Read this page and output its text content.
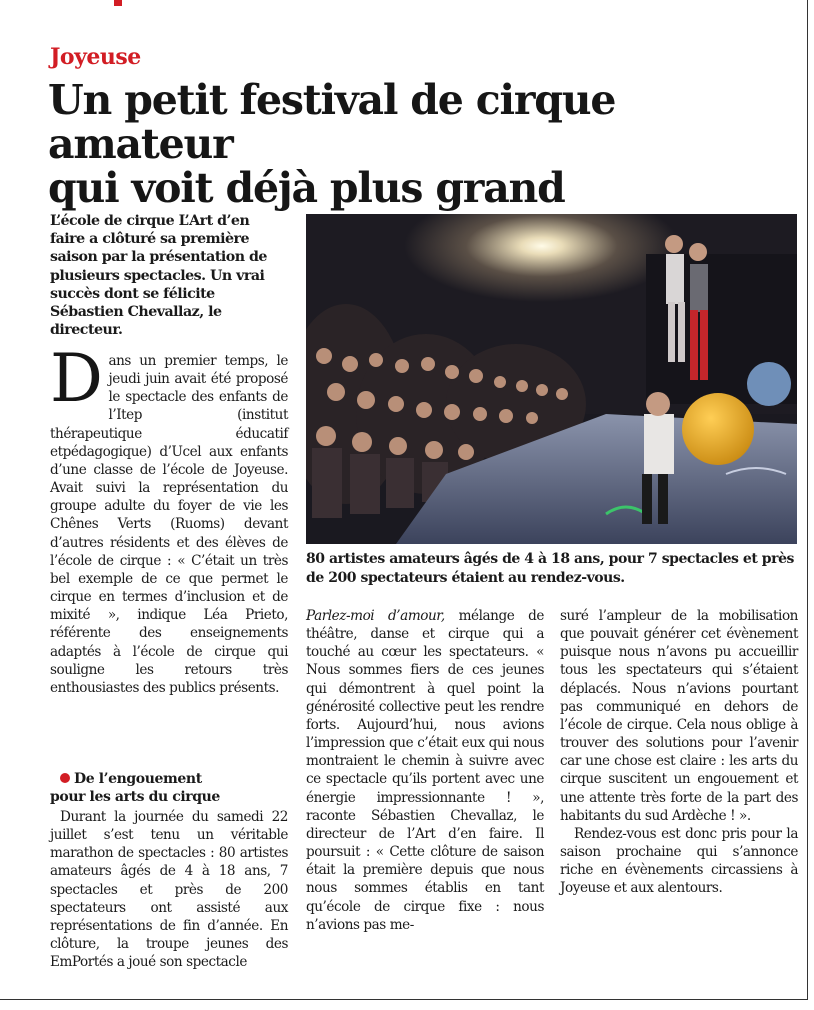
Joyeuse
Un petit festival de cirque amateur
qui voit déjà plus grand
L’école de cirque L’Art d’en faire a clôturé sa première saison par la présentation de plusieurs spectacles. Un vrai succès dont se félicite Sébastien Chevallaz, le directeur.

Dans un premier temps, le jeudi juin avait été proposé le spectacle des enfants de l’Itep (institut thérapeutique éducatif etpédagogique) d’Ucel aux enfants d’une classe de l’école de Joyeuse. Avait suivi la représentation du groupe adulte du foyer de vie les Chênes Verts (Ruoms) devant d’autres résidents et des élèves de l’école de cirque : « C’était un très bel exemple de ce que permet le cirque en termes d’inclusion et de mixité », indique Léa Prieto, référente des enseignements adaptés à l’école de cirque qui souligne les retours très enthousiastes des publics présents.

De l’engouement
pour les arts du cirque

Durant la journée du samedi 22 juillet s’est tenu un véritable marathon de spectacles : 80 artistes amateurs âgés de 4 à 18 ans, 7 spectacles et près de 200 spectateurs ont assisté aux représentations de fin d’année. En clôture, la troupe jeunes des EmPortés a joué son spectacle

80 artistes amateurs âgés de 4 à 18 ans, pour 7 spectacles et près de 200 spectateurs étaient au rendez-vous.

Parlez-moi d’amour, mélange de théâtre, danse et cirque qui a touché au cœur les spectateurs. « Nous sommes fiers de ces jeunes qui démontrent à quel point la générosité collective peut les rendre forts. Aujourd’hui, nous avions l’impression que c’était eux qui nous montraient le chemin à suivre avec ce spectacle qu’ils portent avec une énergie impressionnante ! », raconte Sébastien Chevallaz, le directeur de l’Art d’en faire. Il poursuit : « Cette clôture de saison était la première depuis que nous nous sommes établis en tant qu’école de cirque fixe : nous n’avions pas me-

suré l’ampleur de la mobilisation que pouvait générer cet évènement puisque nous n’avons pu accueillir tous les spectateurs qui s’étaient déplacés. Nous n’avions pourtant pas communiqué en dehors de l’école de cirque. Cela nous oblige à trouver des solutions pour l’avenir car une chose est claire : les arts du cirque suscitent un engouement et une attente très forte de la part des habitants du sud Ardèche ! ».

Rendez-vous est donc pris pour la saison prochaine qui s’annonce riche en évènements circassiens à Joyeuse et aux alentours.
